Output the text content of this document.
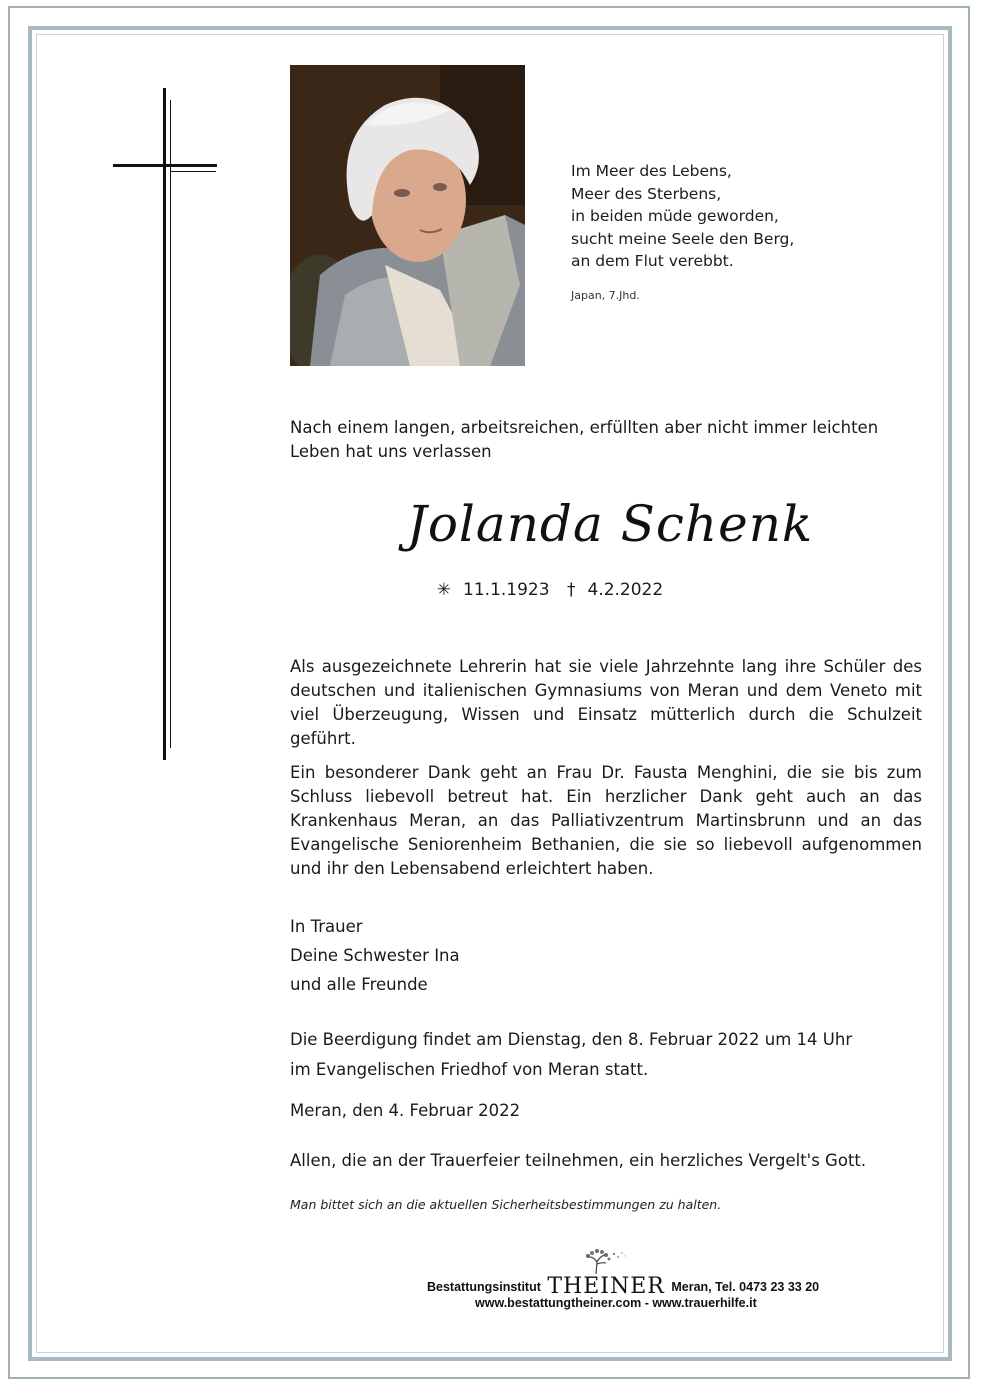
Im Meer des Lebens,
Meer des Sterbens,
in beiden müde geworden,
sucht meine Seele den Berg,
an dem Flut verebbt.
Japan, 7.Jhd.
Nach einem langen, arbeitsreichen, erfüllten aber nicht immer leichten Leben hat uns verlassen
Jolanda Schenk
✳ 11.1.1923 † 4.2.2022
Als ausgezeichnete Lehrerin hat sie viele Jahrzehnte lang ihre Schüler des deutschen und italienischen Gymnasiums von Meran und dem Veneto mit viel Überzeugung, Wissen und Einsatz mütterlich durch die Schulzeit geführt.
Ein besonderer Dank geht an Frau Dr. Fausta Menghini, die sie bis zum Schluss liebevoll betreut hat. Ein herzlicher Dank geht auch an das Krankenhaus Meran, an das Palliativzentrum Martinsbrunn und an das Evangelische Seniorenheim Bethanien, die sie so liebevoll aufgenommen und ihr den Lebensabend erleichtert haben.
In Trauer
Deine Schwester Ina
und alle Freunde
Die Beerdigung findet am Dienstag, den 8. Februar 2022 um 14 Uhr
im Evangelischen Friedhof von Meran statt.
Meran, den 4. Februar 2022
Allen, die an der Trauerfeier teilnehmen, ein herzliches Vergelt's Gott.
Man bittet sich an die aktuellen Sicherheitsbestimmungen zu halten.
Bestattungsinstitut THEINER Meran, Tel. 0473 23 33 20
www.bestattungtheiner.com - www.trauerhilfe.it
